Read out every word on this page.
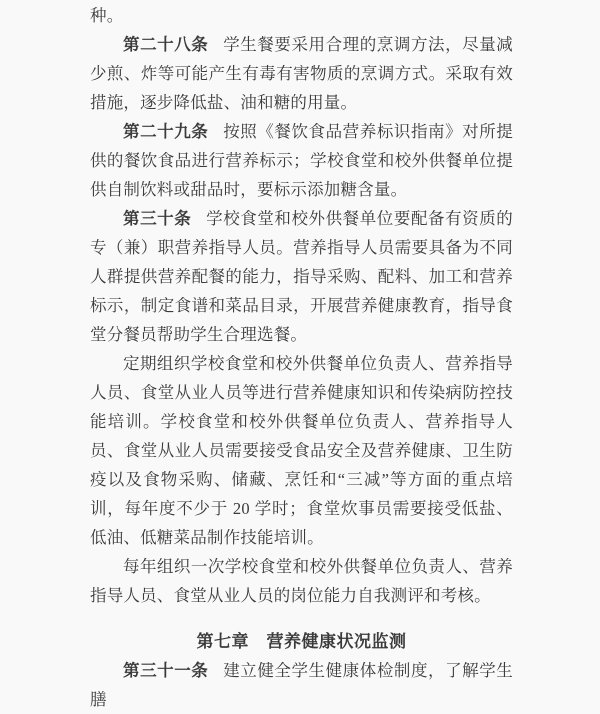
种。

第二十八条 学生餐要采用合理的烹调方法，尽量减少煎、炸等可能产生有毒有害物质的烹调方式。采取有效措施，逐步降低盐、油和糖的用量。

第二十九条 按照《餐饮食品营养标识指南》对所提供的餐饮食品进行营养标示；学校食堂和校外供餐单位提供自制饮料或甜品时，要标示添加糖含量。

第三十条 学校食堂和校外供餐单位要配备有资质的专（兼）职营养指导人员。营养指导人员需要具备为不同人群提供营养配餐的能力，指导采购、配料、加工和营养标示，制定食谱和菜品目录，开展营养健康教育，指导食堂分餐员帮助学生合理选餐。

定期组织学校食堂和校外供餐单位负责人、营养指导人员、食堂从业人员等进行营养健康知识和传染病防控技能培训。学校食堂和校外供餐单位负责人、营养指导人员、食堂从业人员需要接受食品安全及营养健康、卫生防疫以及食物采购、储藏、烹饪和“三减”等方面的重点培训，每年度不少于 20 学时；食堂炊事员需要接受低盐、低油、低糖菜品制作技能培训。

每年组织一次学校食堂和校外供餐单位负责人、营养指导人员、食堂从业人员的岗位能力自我测评和考核。

第七章　营养健康状况监测

第三十一条 建立健全学生健康体检制度，了解学生膳
